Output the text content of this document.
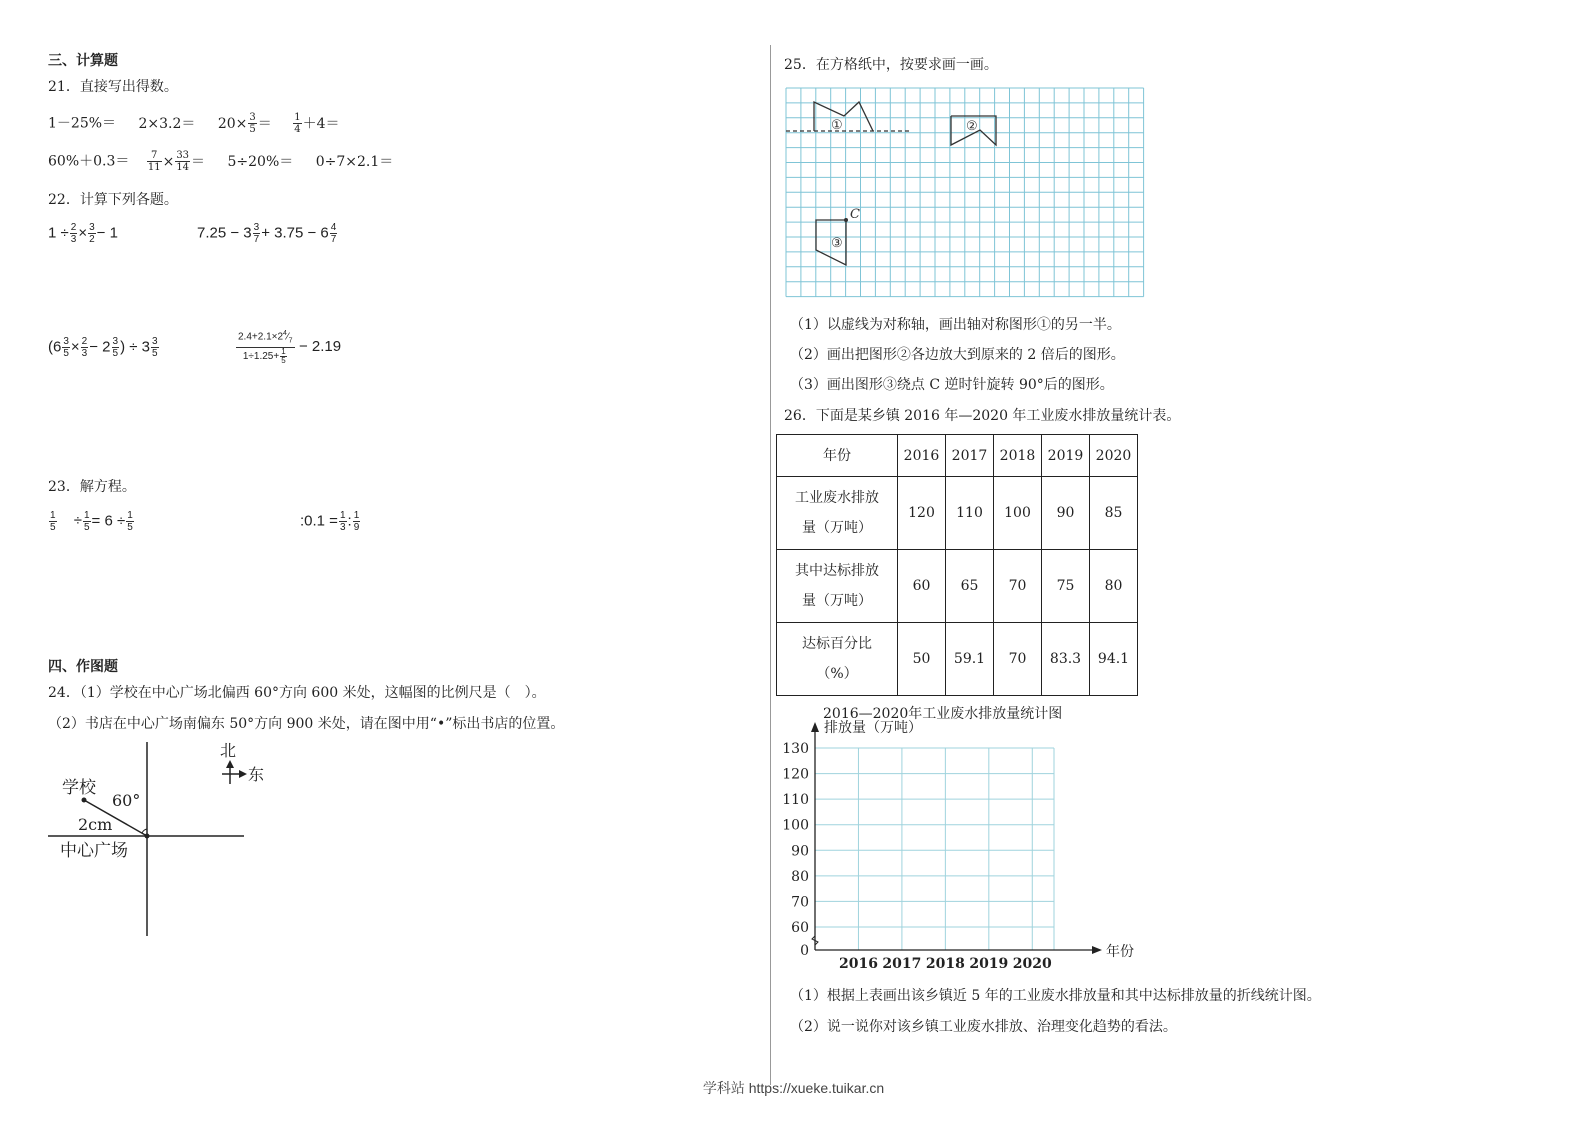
三、计算题
21．直接写出得数。
$1-25\%= 2\times 3.2= 20\times \frac{3}{5} = \frac{1}{4} +4=$
$60\%+0.3= \frac{7}{11} \times \frac{33}{14} = 5\div 20\%= 0\div 7\times 2.1=$
22．计算下列各题。
$1 \div \frac{2}{3} \times \frac{3}{2} - 1$	$7.25 - 3 \frac{3}{7} + 3.75 - 6 \frac{4}{7}$
($6 \frac{3}{5} \times \frac{2}{3} - 2 \frac{3}{5}$ ) ÷ $3 \frac{3}{5}$	$\frac{2.4+2.1\times 2^4⁄_7}{1\div 1.25+ \frac{1}{5}} - 2.19$
23．解方程。
$\frac{1}{5} \div \frac{1}{5} = 6 \div \frac{1}{5}$	:0.1 = $\frac{1}{3}$ : $\frac{1}{9}$
四、作图题
24．（1）学校在中心广场北偏西 60°方向 600 米处，这幅图的比例尺是（　）。
（2）书店在中心广场南偏东 50°方向 900 米处，请在图中用“•”标出书店的位置。
学校
60°
2cm
中心广场
北
东
25．在方格纸中，按要求画一画。
①	②
C
③
（1）以虚线为对称轴，画出轴对称图形①的另一半。
（2）画出把图形②各边放大到原来的 2 倍后的图形。
（3）画出图形③绕点 C 逆时针旋转 90°后的图形。
26．下面是某乡镇 2016 年—2020 年工业废水排放量统计表。
年份	2016	2017	2018	2019	2020

工业废水排放
量（万吨）	120	110	100	90	85

其中达标排放
量（万吨）	60	65	70	75	80

达标百分比
（%）	50	59.1	70	83.3	94.1
2016—2020年工业废水排放量统计图
0
60
70
80
90
100
110
120
130
2016 2017 2018 2019 2020
排放量（万吨）
年份
（1）根据上表画出该乡镇近 5 年的工业废水排放量和其中达标排放量的折线统计图。
（2）说一说你对该乡镇工业废水排放、治理变化趋势的看法。
学科站 https://xueke.tuikar.cn
